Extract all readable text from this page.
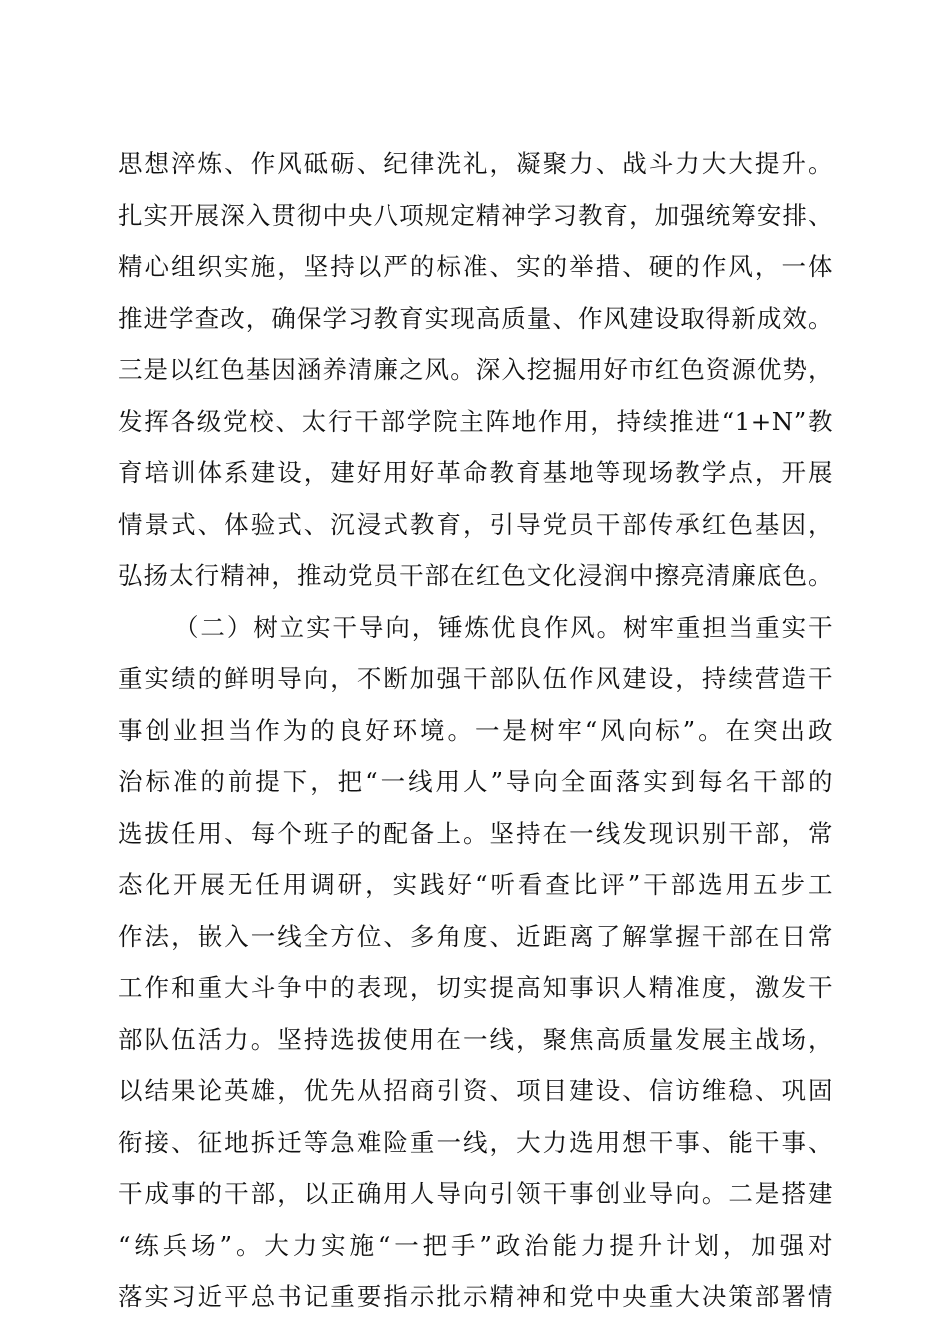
思想淬炼、作风砥砺、纪律洗礼，凝聚力、战斗力大大提升。
扎实开展深入贯彻中央八项规定精神学习教育，加强统筹安排、
精心组织实施，坚持以严的标准、实的举措、硬的作风，一体
推进学查改，确保学习教育实现高质量、作风建设取得新成效。
三是以红色基因涵养清廉之风。深入挖掘用好市红色资源优势，
发挥各级党校、太行干部学院主阵地作用，持续推进“1+N”教
育培训体系建设，建好用好革命教育基地等现场教学点，开展
情景式、体验式、沉浸式教育，引导党员干部传承红色基因，
弘扬太行精神，推动党员干部在红色文化浸润中擦亮清廉底色。
（二）树立实干导向，锤炼优良作风。树牢重担当重实干
重实绩的鲜明导向，不断加强干部队伍作风建设，持续营造干
事创业担当作为的良好环境。一是树牢“风向标”。在突出政
治标准的前提下，把“一线用人”导向全面落实到每名干部的
选拔任用、每个班子的配备上。坚持在一线发现识别干部，常
态化开展无任用调研，实践好“听看查比评”干部选用五步工
作法，嵌入一线全方位、多角度、近距离了解掌握干部在日常
工作和重大斗争中的表现，切实提高知事识人精准度，激发干
部队伍活力。坚持选拔使用在一线，聚焦高质量发展主战场，
以结果论英雄，优先从招商引资、项目建设、信访维稳、巩固
衔接、征地拆迁等急难险重一线，大力选用想干事、能干事、
干成事的干部，以正确用人导向引领干事创业导向。二是搭建
“练兵场”。大力实施“一把手”政治能力提升计划，加强对
落实习近平总书记重要指示批示精神和党中央重大决策部署情
